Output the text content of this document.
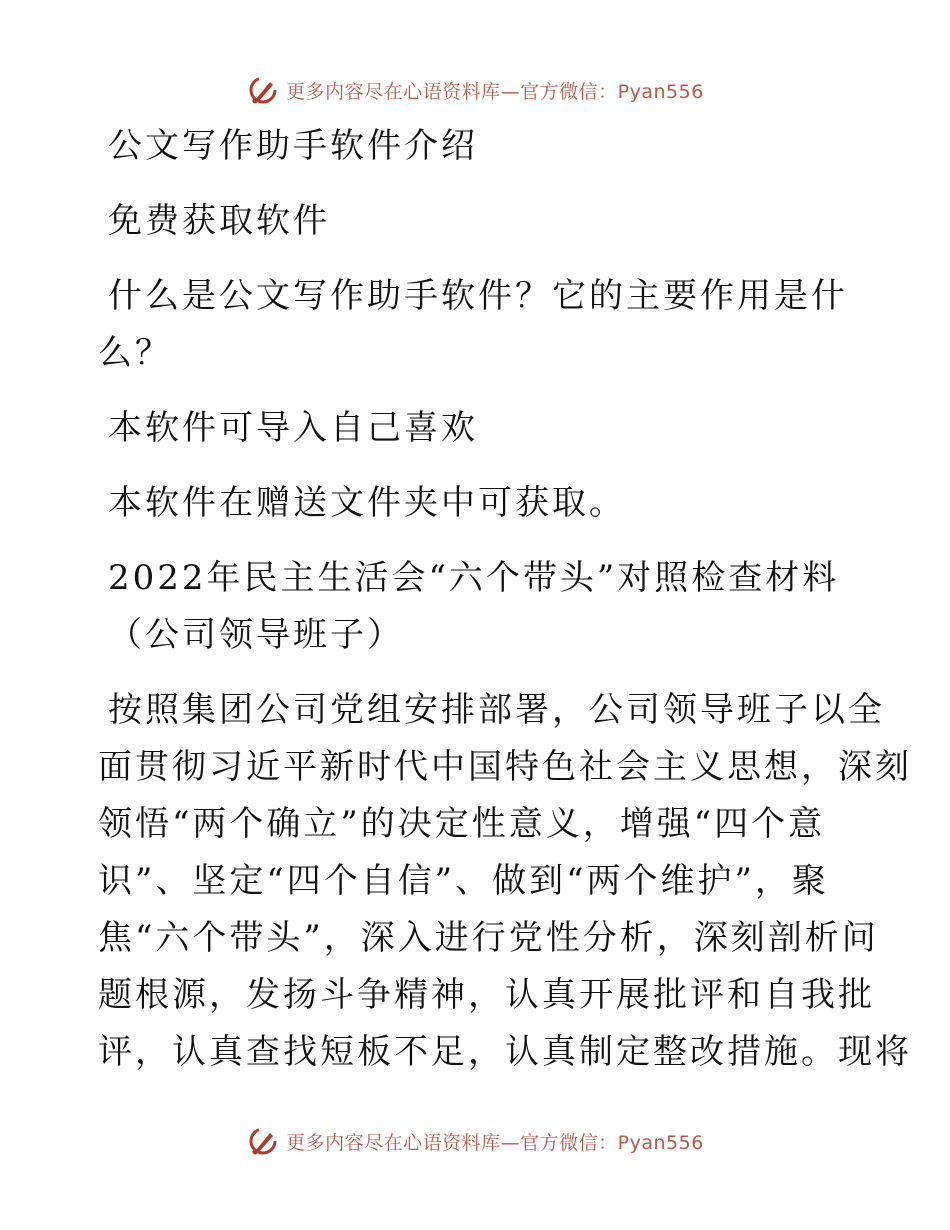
更多内容尽在心语资料库—官方微信：Pyan556
公文写作助手软件介绍
免费获取软件
什么是公文写作助手软件？它的主要作用是什
么？
本软件可导入自己喜欢
本软件在赠送文件夹中可获取。
2022年民主生活会“六个带头”对照检查材料
（公司领导班子）
按照集团公司党组安排部署，公司领导班子以全
面贯彻习近平新时代中国特色社会主义思想，深刻
领悟“两个确立”的决定性意义，增强“四个意
识”、坚定“四个自信”、做到“两个维护”，聚
焦“六个带头”，深入进行党性分析，深刻剖析问
题根源，发扬斗争精神，认真开展批评和自我批
评，认真查找短板不足，认真制定整改措施。现将
更多内容尽在心语资料库—官方微信：Pyan556
